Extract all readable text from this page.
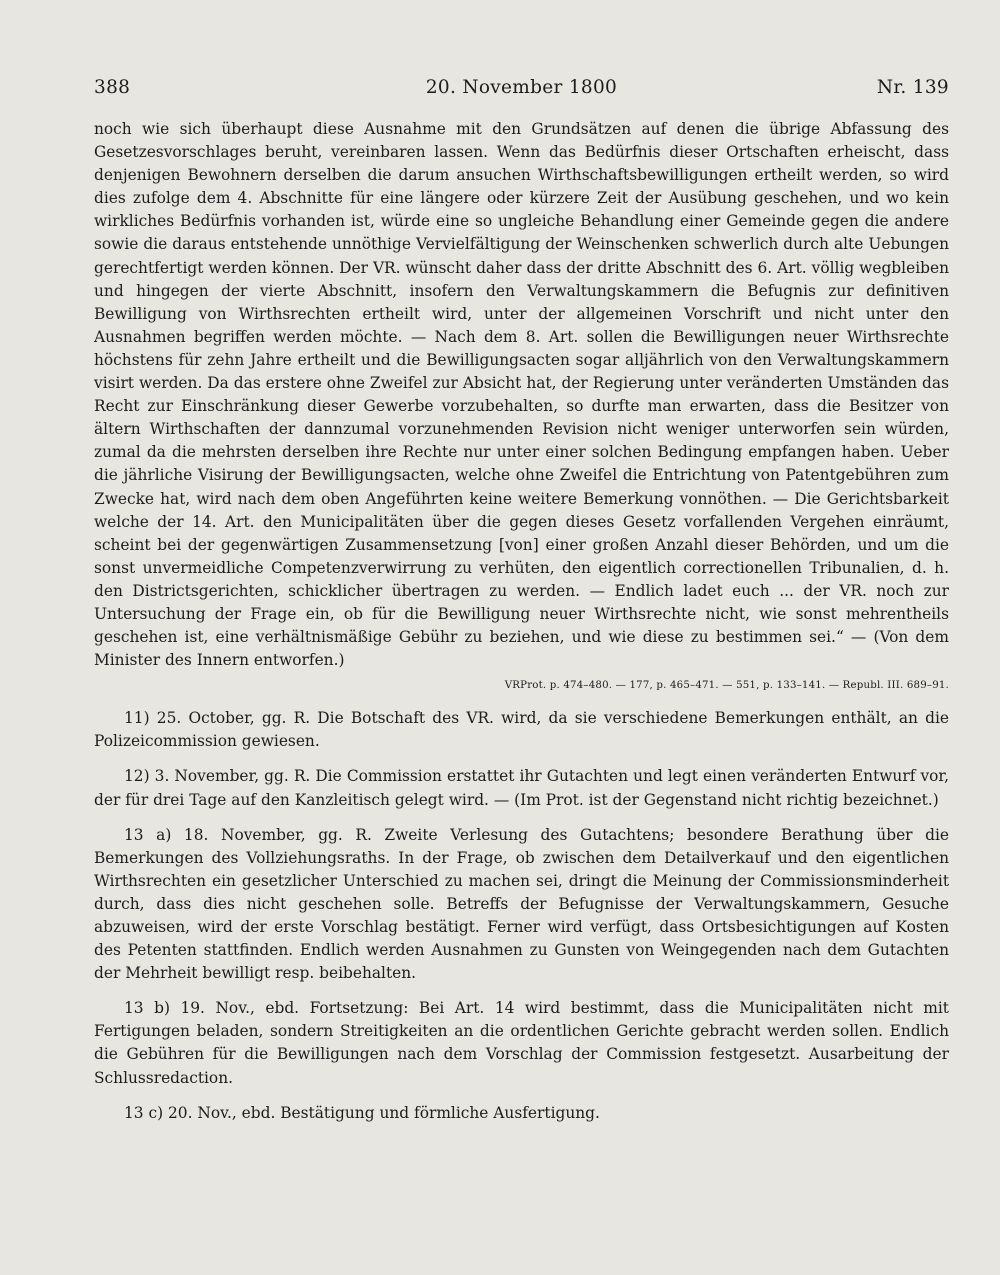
388	20. November 1800	Nr. 139

noch wie sich überhaupt diese Ausnahme mit den Grundsätzen auf denen die übrige Abfassung des Gesetzesvorschlages beruht, vereinbaren lassen. Wenn das Bedürfnis dieser Ortschaften erheischt, dass denjenigen Bewohnern derselben die darum ansuchen Wirthschaftsbewilligungen ertheilt werden, so wird dies zufolge dem 4. Abschnitte für eine längere oder kürzere Zeit der Ausübung geschehen, und wo kein wirkliches Bedürfnis vorhanden ist, würde eine so ungleiche Behandlung einer Gemeinde gegen die andere sowie die daraus entstehende unnöthige Vervielfältigung der Weinschenken schwerlich durch alte Uebungen gerechtfertigt werden können. Der VR. wünscht daher dass der dritte Abschnitt des 6. Art. völlig wegbleiben und hingegen der vierte Abschnitt, insofern den Verwaltungskammern die Befugnis zur definitiven Bewilligung von Wirthsrechten ertheilt wird, unter der allgemeinen Vorschrift und nicht unter den Ausnahmen begriffen werden möchte. — Nach dem 8. Art. sollen die Bewilligungen neuer Wirthsrechte höchstens für zehn Jahre ertheilt und die Bewilligungsacten sogar alljährlich von den Verwaltungskammern visirt werden. Da das erstere ohne Zweifel zur Absicht hat, der Regierung unter veränderten Umständen das Recht zur Einschränkung dieser Gewerbe vorzubehalten, so durfte man erwarten, dass die Besitzer von ältern Wirthschaften der dannzumal vorzunehmenden Revision nicht weniger unterworfen sein würden, zumal da die mehrsten derselben ihre Rechte nur unter einer solchen Bedingung empfangen haben. Ueber die jährliche Visirung der Bewilligungsacten, welche ohne Zweifel die Entrichtung von Patentgebühren zum Zwecke hat, wird nach dem oben Angeführten keine weitere Bemerkung vonnöthen. — Die Gerichtsbarkeit welche der 14. Art. den Municipalitäten über die gegen dieses Gesetz vorfallenden Vergehen einräumt, scheint bei der gegenwärtigen Zusammensetzung [von] einer großen Anzahl dieser Behörden, und um die sonst unvermeidliche Competenzverwirrung zu verhüten, den eigentlich correctionellen Tribunalien, d. h. den Districtsgerichten, schicklicher übertragen zu werden. — Endlich ladet euch ... der VR. noch zur Untersuchung der Frage ein, ob für die Bewilligung neuer Wirthsrechte nicht, wie sonst mehrentheils geschehen ist, eine verhältnismäßige Gebühr zu beziehen, und wie diese zu bestimmen sei.“ — (Von dem Minister des Innern entworfen.)

VRProt. p. 474–480. — 177, p. 465–471. — 551, p. 133–141. — Republ. III. 689–91.

11) 25. October, gg. R. Die Botschaft des VR. wird, da sie verschiedene Bemerkungen enthält, an die Polizeicommission gewiesen.

12) 3. November, gg. R. Die Commission erstattet ihr Gutachten und legt einen veränderten Entwurf vor, der für drei Tage auf den Kanzleitisch gelegt wird. — (Im Prot. ist der Gegenstand nicht richtig bezeichnet.)

13 a) 18. November, gg. R. Zweite Verlesung des Gutachtens; besondere Berathung über die Bemerkungen des Vollziehungsraths. In der Frage, ob zwischen dem Detailverkauf und den eigentlichen Wirthsrechten ein gesetzlicher Unterschied zu machen sei, dringt die Meinung der Commissionsminderheit durch, dass dies nicht geschehen solle. Betreffs der Befugnisse der Verwaltungskammern, Gesuche abzuweisen, wird der erste Vorschlag bestätigt. Ferner wird verfügt, dass Ortsbesichtigungen auf Kosten des Petenten stattfinden. Endlich werden Ausnahmen zu Gunsten von Weingegenden nach dem Gutachten der Mehrheit bewilligt resp. beibehalten.

13 b) 19. Nov., ebd. Fortsetzung: Bei Art. 14 wird bestimmt, dass die Municipalitäten nicht mit Fertigungen beladen, sondern Streitigkeiten an die ordentlichen Gerichte gebracht werden sollen. Endlich die Gebühren für die Bewilligungen nach dem Vorschlag der Commission festgesetzt. Ausarbeitung der Schlussredaction.

13 c) 20. Nov., ebd. Bestätigung und förmliche Ausfertigung.
